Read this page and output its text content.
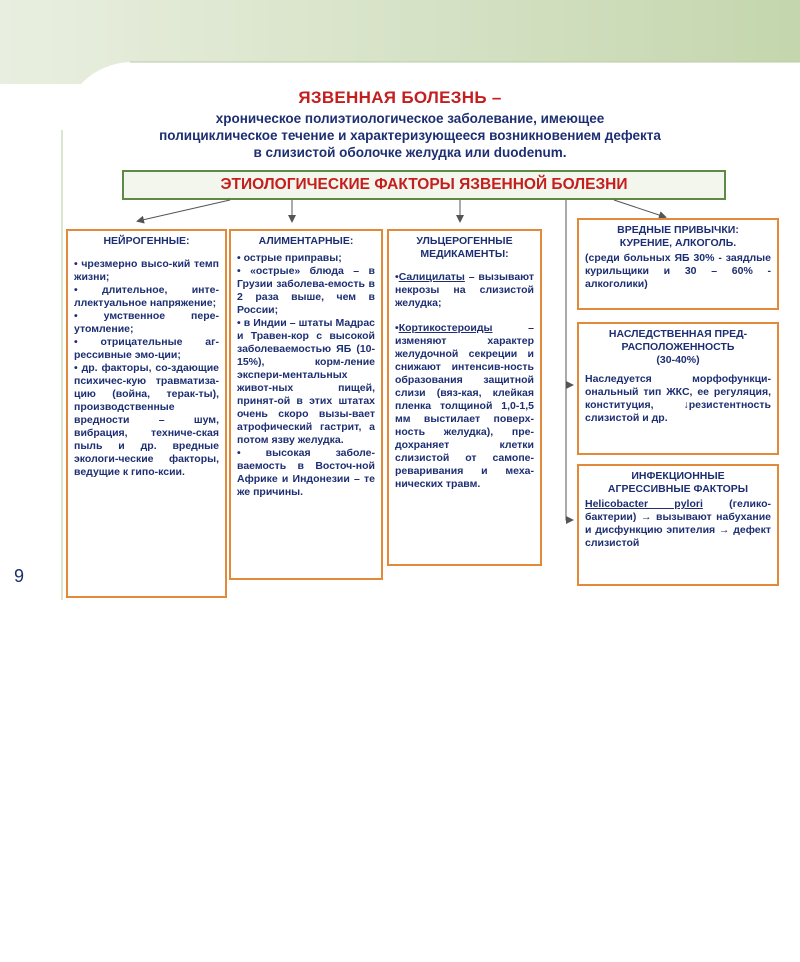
ЯЗВЕННАЯ БОЛЕЗНЬ –
хроническое полиэтиологическое заболевание, имеющее
полициклическое течение и характеризующееся возникновением дефекта
в слизистой оболочке желудка или duodenum.
ЭТИОЛОГИЧЕСКИЕ ФАКТОРЫ ЯЗВЕННОЙ БОЛЕЗНИ
НЕЙРОГЕННЫЕ:
• чрезмерно высо-кий темп жизни;
• длительное, инте-ллектуальное напряжение;
• умственное пере-утомление;
• отрицательные аг-рессивные эмо-ции;
• др. факторы, со-здающие психичес-кую травматиза-цию (война, терак-ты), производственные вредности – шум, вибрация, техниче-ская пыль и др. вредные экологи-ческие факторы, ведущие к гипо-ксии.
АЛИМЕНТАРНЫЕ:
• острые приправы;
• «острые» блюда – в Грузии заболева-емость в 2 раза выше, чем в России;
• в Индии – штаты Мадрас и Травен-кор с высокой заболеваемостью ЯБ (10-15%), корм-ление экспери-ментальных живот-ных пищей, принят-ой в этих штатах очень скоро вызы-вает атрофический гастрит, а потом язву желудка.
• высокая заболе-ваемость в Восточ-ной Африке и Индонезии – те же причины.
УЛЬЦЕРОГЕННЫЕ
МЕДИКАМЕНТЫ:
•Салицилаты – вызывают некрозы на слизистой желудка;
•Кортикостероиды	– изменяют характер желудочной секреции и снижают интенсив-ность образования защитной слизи (вяз-кая, клейкая пленка толщиной 1,0-1,5 мм выстилает поверх-ность желудка), пре-дохраняет клетки слизистой от самопе-реваривания и меха-нических травм.
ВРЕДНЫЕ ПРИВЫЧКИ:
КУРЕНИЕ, АЛКОГОЛЬ.
(среди больных ЯБ 30% - заядлые курильщики и 30 – 60% - алкоголики)
НАСЛЕДСТВЕННАЯ ПРЕД-
РАСПОЛОЖЕННОСТЬ
(30-40%)
Наследуется морфофункци-ональный тип ЖКС, ее регуляция, конституция, ↓резистентность слизистой и др.
ИНФЕКЦИОННЫЕ
АГРЕССИВНЫЕ ФАКТОРЫ
Helicobacter pylori	(гелико-бактерии) → вызывают набухание и дисфункцию эпителия → дефект слизистой
9
